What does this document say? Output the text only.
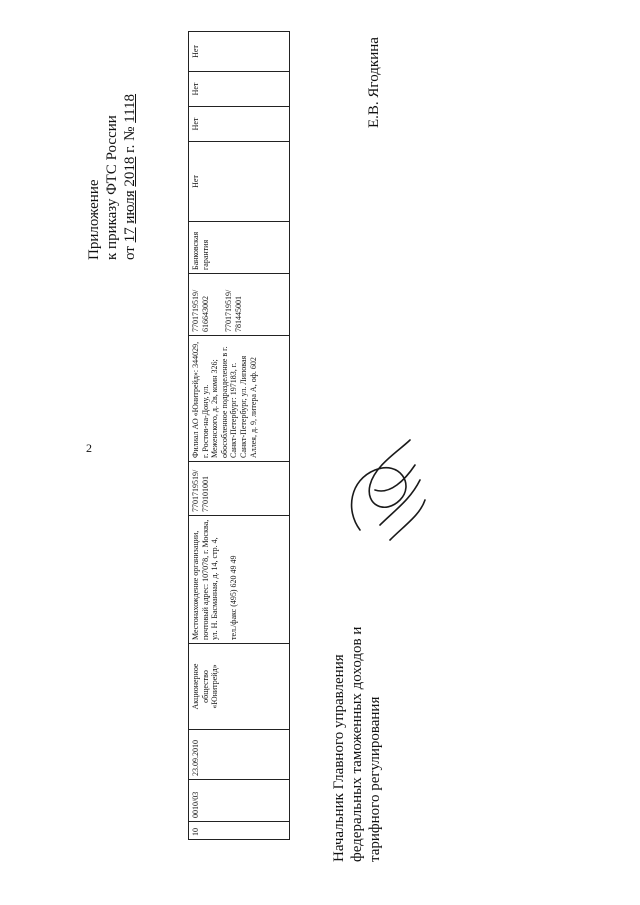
2
Приложение к приказу ФТС России от 17 июля 2018 г. № 1118
10	0010/03	23.09.2010	Акционерное общество «Юнитрейд»	Местонахождение организации, почтовый адрес: 107078, г. Москва, ул. Н. Басманная, д. 14, стр. 4, тел./факс (495) 620 49 49	7701719519/ 770101001	Филиал АО «Юнитрейд»: 344029, г. Ростов-на-Дону, ул. Меженского, д. 2в, комн 326; обособленное подразделение в г. Санкт-Петербург: 197183, г. Санкт-Петербург, ул. Липовая Аллея, д. 9, литера А, оф. 602	7701719519/ 616643002 7701719519/ 781445001	Банковская гарантия	Нет	Нет	Нет	Нет
Начальник Главного управления федеральных таможенных доходов и тарифного регулирования
Е.В. Ягодкина
